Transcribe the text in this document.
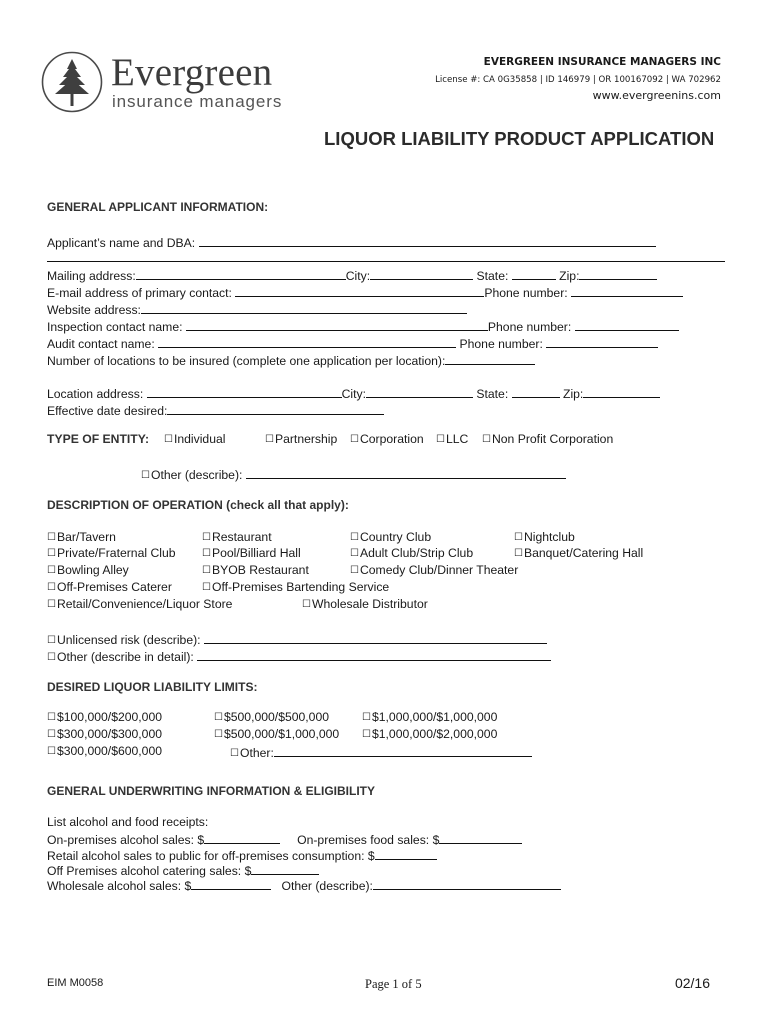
Evergreen
insurance managers
EVERGREEN INSURANCE MANAGERS INC
License #: CA 0G35858 | ID 146979 | OR 100167092 | WA 702962
www.evergreenins.com
LIQUOR LIABILITY PRODUCT APPLICATION
GENERAL APPLICANT INFORMATION:
Applicant’s name and DBA:
Mailing address:	City:	State:	Zip:
E-mail address of primary contact:	Phone number:
Website address:
Inspection contact name:	Phone number:
Audit contact name:	Phone number:
Number of locations to be insured (complete one application per location):
Location address:	City:	State:	Zip:
Effective date desired:
TYPE OF ENTITY: ☐Individual	☐Partnership ☐Corporation ☐LLC ☐Non Profit Corporation
☐Other (describe):
DESCRIPTION OF OPERATION (check all that apply):
☐Bar/Tavern	☐Restaurant	☐Country Club	☐Nightclub
☐Private/Fraternal Club	☐Pool/Billiard Hall	☐Adult Club/Strip Club	☐Banquet/Catering Hall
☐Bowling Alley	☐BYOB Restaurant	☐Comedy Club/Dinner Theater
☐Off-Premises Caterer	☐Off-Premises Bartending Service
☐Retail/Convenience/Liquor Store	☐Wholesale Distributor
☐Unlicensed risk (describe):
☐Other (describe in detail):
DESIRED LIQUOR LIABILITY LIMITS:
☐$100,000/$200,000	☐$500,000/$500,000	☐$1,000,000/$1,000,000
☐$300,000/$300,000	☐$500,000/$1,000,000 ☐$1,000,000/$2,000,000
☐$300,000/$600,000	☐Other:
GENERAL UNDERWRITING INFORMATION & ELIGIBILITY
List alcohol and food receipts:
On-premises alcohol sales: $	On-premises food sales: $
Retail alcohol sales to public for off-premises consumption: $
Off Premises alcohol catering sales: $
Wholesale alcohol sales: $	Other (describe):
EIM M0058	Page 1 of 5	02/16
